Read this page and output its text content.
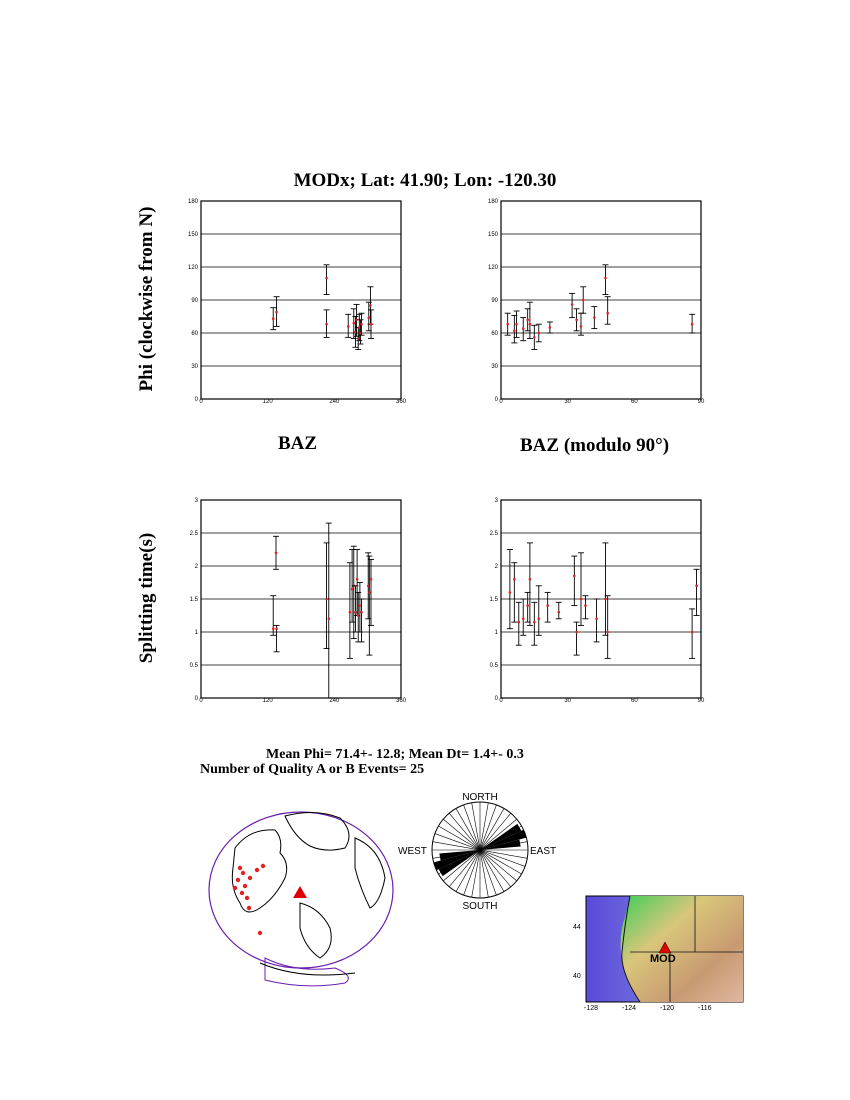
MODx; Lat: 41.90; Lon: -120.30
Phi (clockwise from N)
Splitting time(s)
0
30
60
90
120
150
180
0	120	240	360	0
30
60
90
120
150
180
0	30	60	90
0
0.5
1
1.5
2
2.5
3
0	120	240	360	0
0.5
1
1.5
2
2.5
3
0	30	60	90
BAZ	BAZ (modulo 90°)
Mean Phi= 71.4+- 12.8; Mean Dt= 1.4+- 0.3
Number of Quality A or B Events= 25
NORTH
SOUTH
EAST
WEST
MOD
44
40
-128	-124	-120	-116
